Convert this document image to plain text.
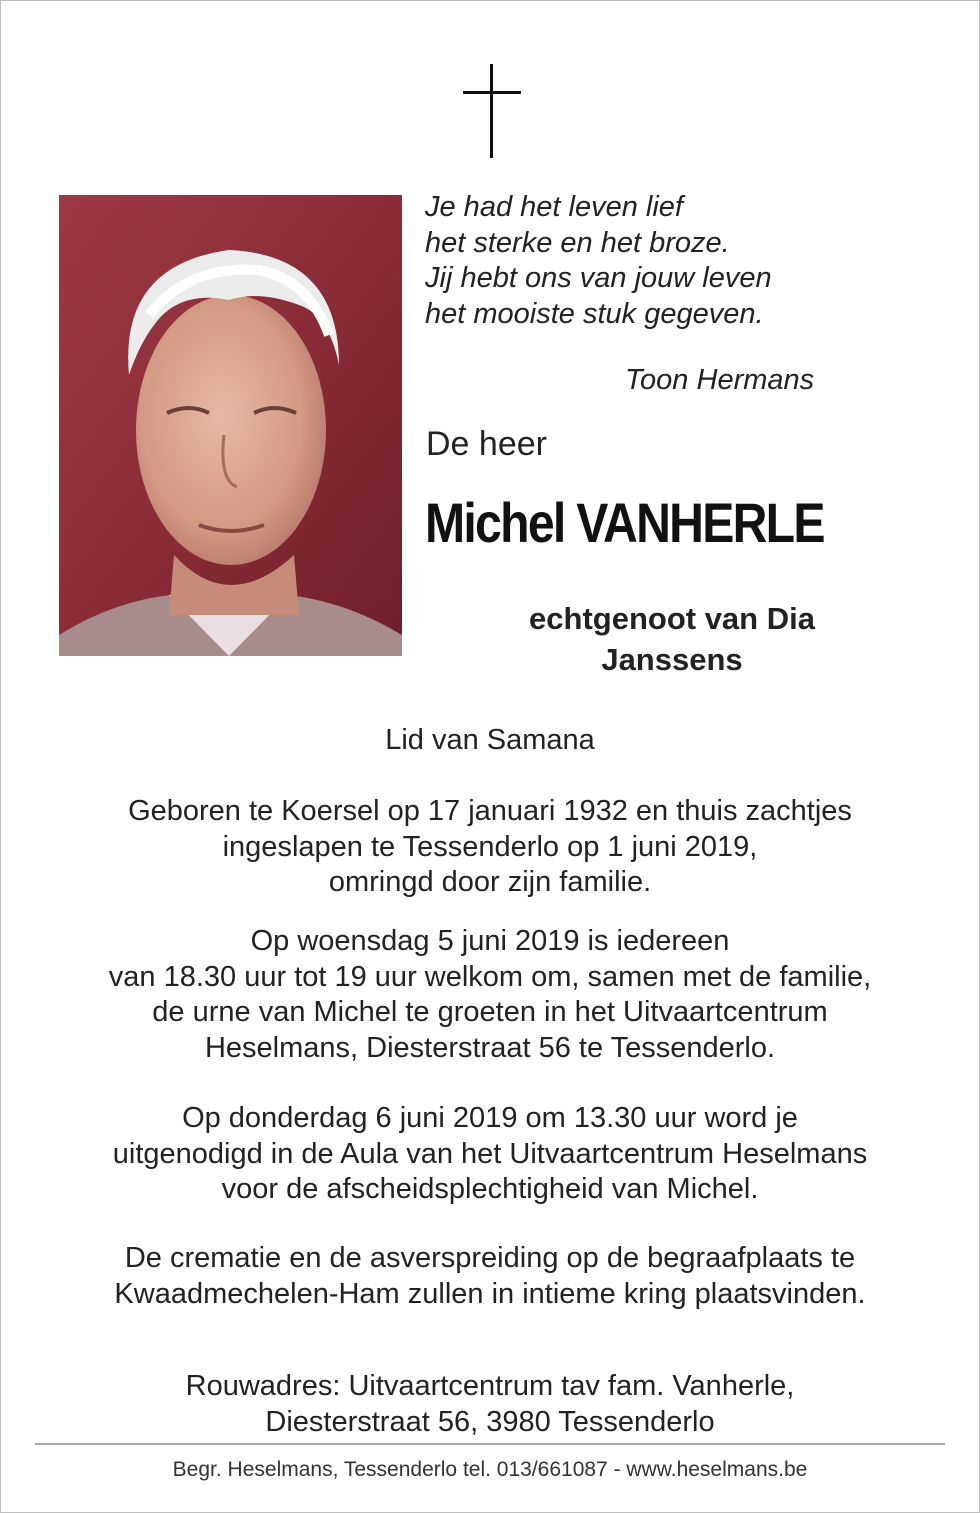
Je had het leven lief
het sterke en het broze.
Jij hebt ons van jouw leven
het mooiste stuk gegeven.
Toon Hermans
De heer
Michel VANHERLE
echtgenoot van Dia
Janssens
Lid van Samana
Geboren te Koersel op 17 januari 1932 en thuis zachtjes
ingeslapen te Tessenderlo op 1 juni 2019,
omringd door zijn familie.
Op woensdag 5 juni 2019 is iedereen
van 18.30 uur tot 19 uur welkom om, samen met de familie,
de urne van Michel te groeten in het Uitvaartcentrum
Heselmans, Diesterstraat 56 te Tessenderlo.
Op donderdag 6 juni 2019 om 13.30 uur word je
uitgenodigd in de Aula van het Uitvaartcentrum Heselmans
voor de afscheidsplechtigheid van Michel.
De crematie en de asverspreiding op de begraafplaats te
Kwaadmechelen-Ham zullen in intieme kring plaatsvinden.
Rouwadres: Uitvaartcentrum tav fam. Vanherle,
Diesterstraat 56, 3980 Tessenderlo
Begr. Heselmans, Tessenderlo tel. 013/661087 - www.heselmans.be
